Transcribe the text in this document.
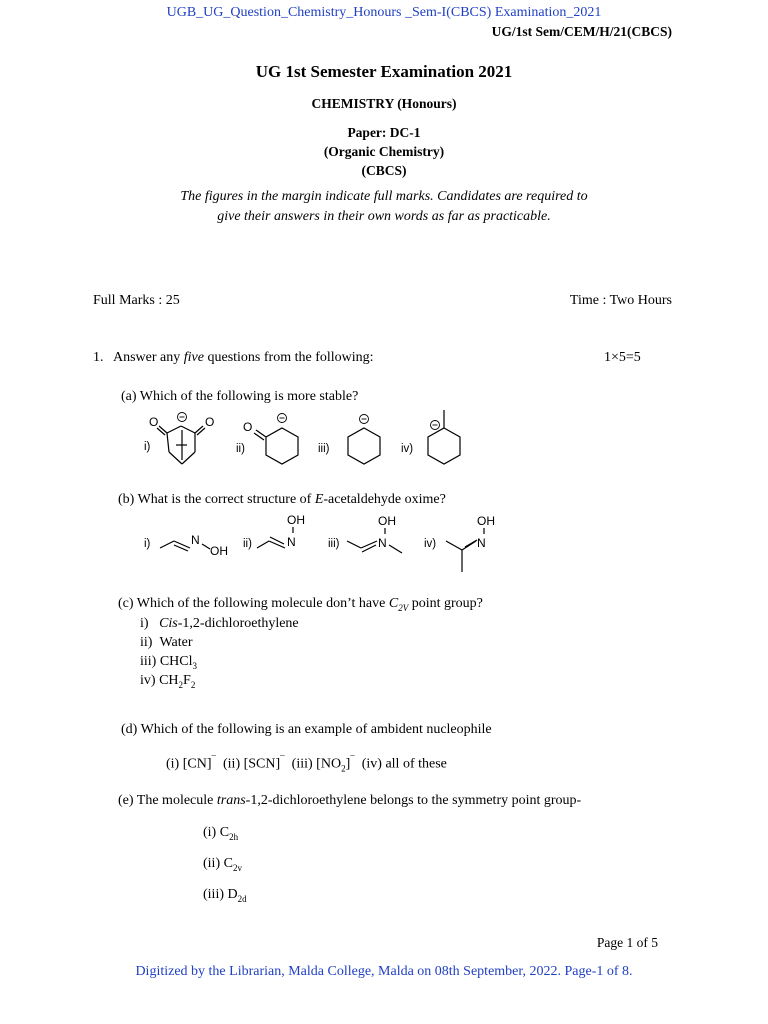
UGB_UG_Question_Chemistry_Honours _Sem-I(CBCS) Examination_2021
UG/1st Sem/CEM/H/21(CBCS)
UG 1st Semester Examination 2021
CHEMISTRY (Honours)
Paper: DC-1
(Organic Chemistry)
(CBCS)
The figures in the margin indicate full marks. Candidates are required to
give their answers in their own words as far as practicable.
Full Marks : 25	Time : Two Hours
1. Answer any five questions from the following:	1×5=5
(a) Which of the following is more stable?
i)
O	O
ii)
O
iii)	iv)
(b) What is the correct structure of E-acetaldehyde oxime?
i)	N
OH ii)
OH
N	iii)
OH
N	iv)
OH
N
(c) Which of the following molecule don’t have $C_{2V}$ point group?
i) Cis-1,2-dichloroethylene
ii) Water
iii) CHCl$_3$
iv) $CH_2F_2$
(d) Which of the following is an example of ambident nucleophile
(i) [CN]¯ (ii) [SCN]¯ (iii) $[NO_2]^¯$ (iv) all of these
(e) The molecule trans-1,2-dichloroethylene belongs to the symmetry point group-
(i) $C_{2h}$
(ii) $C_{2v}$
(iii) $D_{2d}$
Page 1 of 5
Digitized by the Librarian, Malda College, Malda on 08th September, 2022. Page-1 of 8.
